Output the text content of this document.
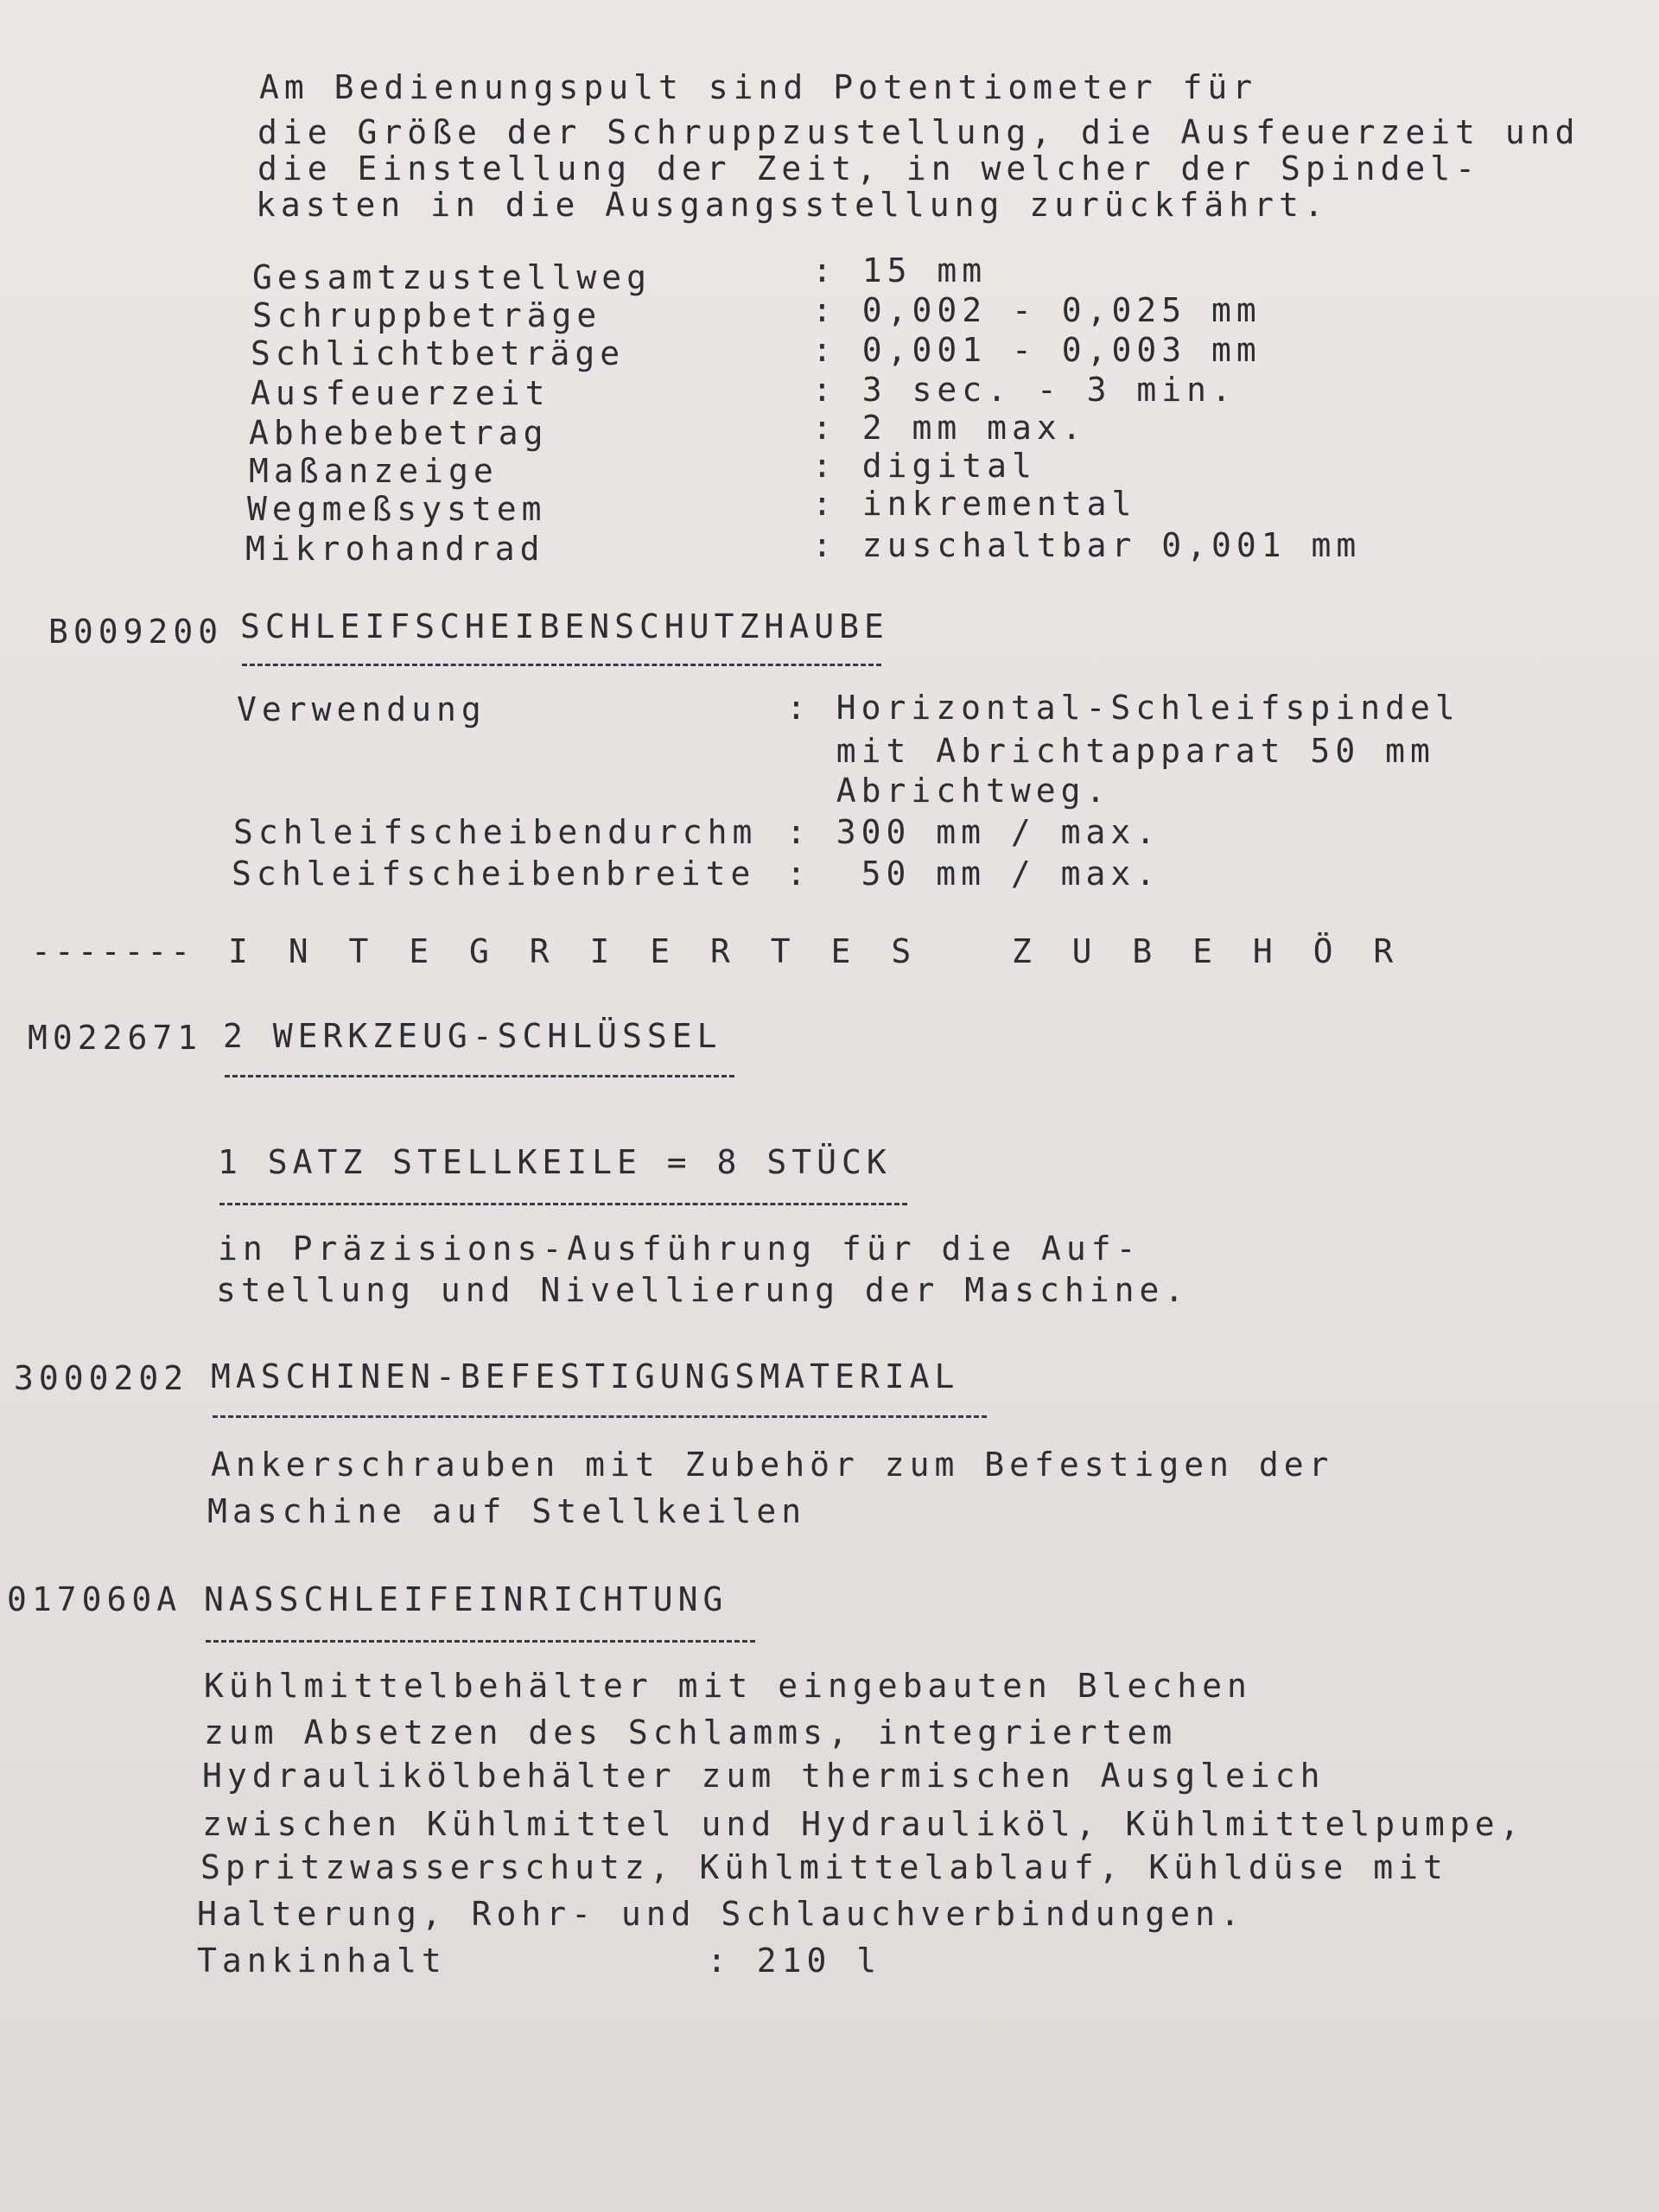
Am Bedienungspult sind Potentiometer für

die Größe der Schruppzustellung, die Ausfeuerzeit und

die Einstellung der Zeit, in welcher der Spindel-

kasten in die Ausgangsstellung zurückfährt.

Gesamtzustellweg	: 15 mm

Schruppbeträge	: 0,002 - 0,025 mm

Schlichtbeträge	: 0,001 - 0,003 mm

Ausfeuerzeit	: 3 sec. - 3 min.

Abhebebetrag	: 2 mm max.

Maßanzeige	: digital

Wegmeßsystem	: inkremental

Mikrohandrad	: zuschaltbar 0,001 mm

B009200 SCHLEIFSCHEIBENSCHUTZHAUBE

Verwendung	: Horizontal-Schleifspindel

mit Abrichtapparat 50 mm

Abrichtweg.

Schleifscheibendurchm : 300 mm / max.

Schleifscheibenbreite :  50 mm / max.

------- I N T E G R I E R T E S   Z U B E H Ö R

M022671 2 WERKZEUG-SCHLÜSSEL

1 SATZ STELLKEILE = 8 STÜCK

in Präzisions-Ausführung für die Auf-

stellung und Nivellierung der Maschine.

3000202 MASCHINEN-BEFESTIGUNGSMATERIAL

Ankerschrauben mit Zubehör zum Befestigen der

Maschine auf Stellkeilen

017060A NASSCHLEIFEINRICHTUNG

Kühlmittelbehälter mit eingebauten Blechen

zum Absetzen des Schlamms, integriertem

Hydraulikölbehälter zum thermischen Ausgleich

zwischen Kühlmittel und Hydrauliköl, Kühlmittelpumpe,

Spritzwasserschutz, Kühlmittelablauf, Kühldüse mit

Halterung, Rohr- und Schlauchverbindungen.

Tankinhalt	: 210 l
